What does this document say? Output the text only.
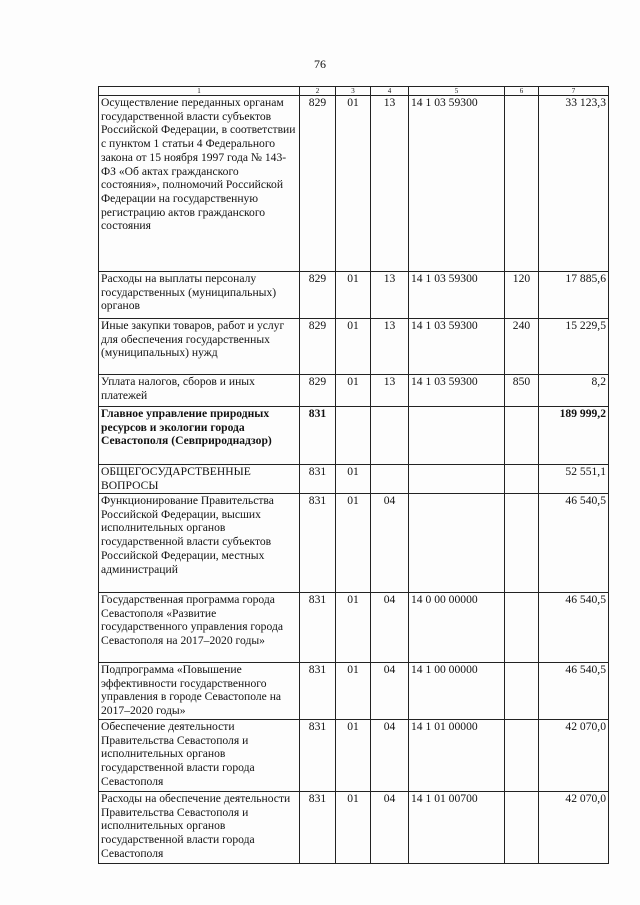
76
1	2	3	4	5	6	7
Осуществление переданных органам государственной власти субъектов Российской Федерации, в соответствии с пунктом 1 статьи 4 Федерального закона от 15 ноября 1997 года № 143-ФЗ «Об актах гражданского состояния», полномочий Российской Федерации на государственную регистрацию актов гражданского состояния	829	01	13	14 1 03 59300		33 123,3
Расходы на выплаты персоналу государственных (муниципальных) органов	829	01	13	14 1 03 59300	120	17 885,6
Иные закупки товаров, работ и услуг для обеспечения государственных (муниципальных) нужд	829	01	13	14 1 03 59300	240	15 229,5
Уплата налогов, сборов и иных платежей	829	01	13	14 1 03 59300	850	8,2
Главное управление природных ресурсов и экологии города Севастополя (Севприроднадзор)	831					189 999,2
ОБЩЕГОСУДАРСТВЕННЫЕ ВОПРОСЫ	831	01				52 551,1
Функционирование Правительства Российской Федерации, высших исполнительных органов государственной власти субъектов Российской Федерации, местных администраций	831	01	04			46 540,5
Государственная программа города Севастополя «Развитие государственного управления города Севастополя на 2017–2020 годы»	831	01	04	14 0 00 00000		46 540,5
Подпрограмма «Повышение эффективности государственного управления в городе Севастополе на 2017–2020 годы»	831	01	04	14 1 00 00000		46 540,5
Обеспечение деятельности Правительства Севастополя и исполнительных органов государственной власти города Севастополя	831	01	04	14 1 01 00000		42 070,0
Расходы на обеспечение деятельности Правительства Севастополя и исполнительных органов государственной власти города Севастополя	831	01	04	14 1 01 00700		42 070,0
